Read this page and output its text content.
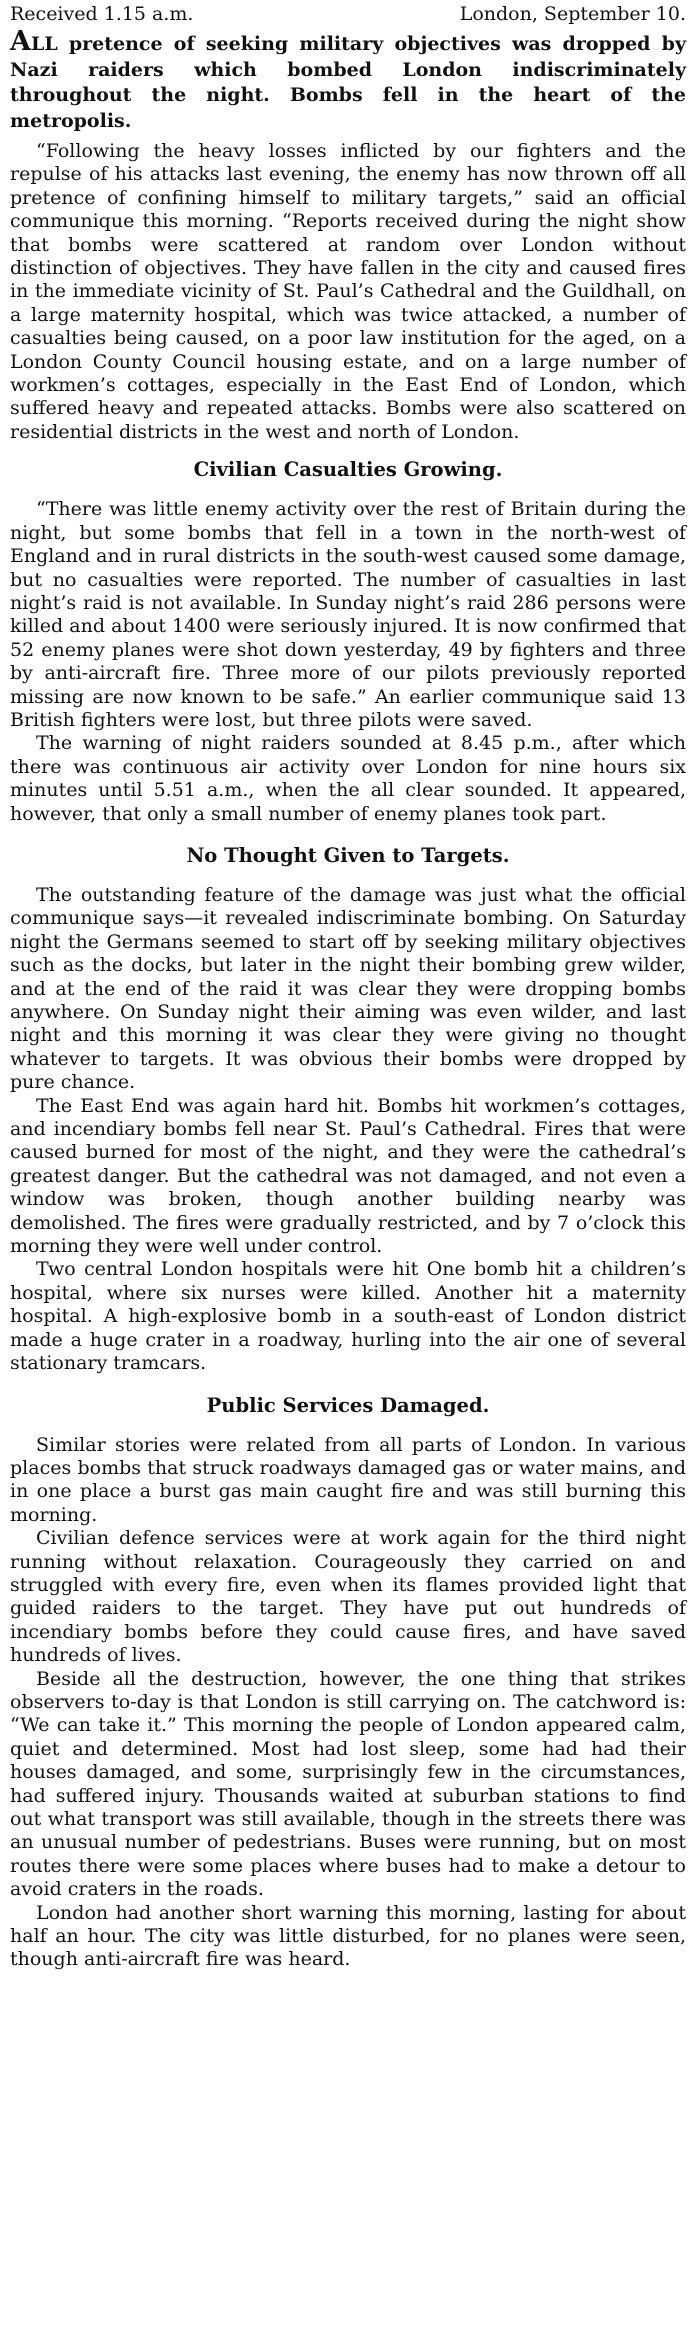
Received 1.15 a.m.	London, September 10.

ALL pretence of seeking military objectives was dropped by Nazi raiders which bombed London indiscriminately throughout the night. Bombs fell in the heart of the metropolis.

“Following the heavy losses inflicted by our fighters and the repulse of his attacks last evening, the enemy has now thrown off all pretence of confining himself to military targets,” said an official communique this morning. “Reports received during the night show that bombs were scattered at random over London without distinction of objectives. They have fallen in the city and caused fires in the immediate vicinity of St. Paul’s Cathedral and the Guildhall, on a large maternity hospital, which was twice attacked, a number of casualties being caused, on a poor law institution for the aged, on a London County Council housing estate, and on a large number of workmen’s cottages, especially in the East End of London, which suffered heavy and repeated attacks. Bombs were also scattered on residential districts in the west and north of London.

Civilian Casualties Growing.

“There was little enemy activity over the rest of Britain during the night, but some bombs that fell in a town in the north-west of England and in rural districts in the south-west caused some damage, but no casualties were reported. The number of casualties in last night’s raid is not available. In Sunday night’s raid 286 persons were killed and about 1400 were seriously injured. It is now confirmed that 52 enemy planes were shot down yesterday, 49 by fighters and three by anti-aircraft fire. Three more of our pilots previously reported missing are now known to be safe.” An earlier communique said 13 British fighters were lost, but three pilots were saved.

The warning of night raiders sounded at 8.45 p.m., after which there was continuous air activity over London for nine hours six minutes until 5.51 a.m., when the all clear sounded. It appeared, however, that only a small number of enemy planes took part.

No Thought Given to Targets.

The outstanding feature of the damage was just what the official communique says—it revealed indiscriminate bombing. On Saturday night the Germans seemed to start off by seeking military objectives such as the docks, but later in the night their bombing grew wilder, and at the end of the raid it was clear they were dropping bombs anywhere. On Sunday night their aiming was even wilder, and last night and this morning it was clear they were giving no thought whatever to targets. It was obvious their bombs were dropped by pure chance.

The East End was again hard hit. Bombs hit workmen’s cottages, and incendiary bombs fell near St. Paul’s Cathedral. Fires that were caused burned for most of the night, and they were the cathedral’s greatest danger. But the cathedral was not damaged, and not even a window was broken, though another building nearby was demolished. The fires were gradually restricted, and by 7 o’clock this morning they were well under control.

Two central London hospitals were hit One bomb hit a children’s hospital, where six nurses were killed. Another hit a maternity hospital. A high-explosive bomb in a south-east of London district made a huge crater in a roadway, hurling into the air one of several stationary tramcars.

Public Services Damaged.

Similar stories were related from all parts of London. In various places bombs that struck roadways damaged gas or water mains, and in one place a burst gas main caught fire and was still burning this morning.

Civilian defence services were at work again for the third night running without relaxation. Courageously they carried on and struggled with every fire, even when its flames provided light that guided raiders to the target. They have put out hundreds of incendiary bombs before they could cause fires, and have saved hundreds of lives.

Beside all the destruction, however, the one thing that strikes observers to-day is that London is still carrying on. The catchword is: “We can take it.” This morning the people of London appeared calm, quiet and determined. Most had lost sleep, some had had their houses damaged, and some, surprisingly few in the circumstances, had suffered injury. Thousands waited at suburban stations to find out what transport was still available, though in the streets there was an unusual number of pedestrians. Buses were running, but on most routes there were some places where buses had to make a detour to avoid craters in the roads.

London had another short warning this morning, lasting for about half an hour. The city was little disturbed, for no planes were seen, though anti-aircraft fire was heard.
